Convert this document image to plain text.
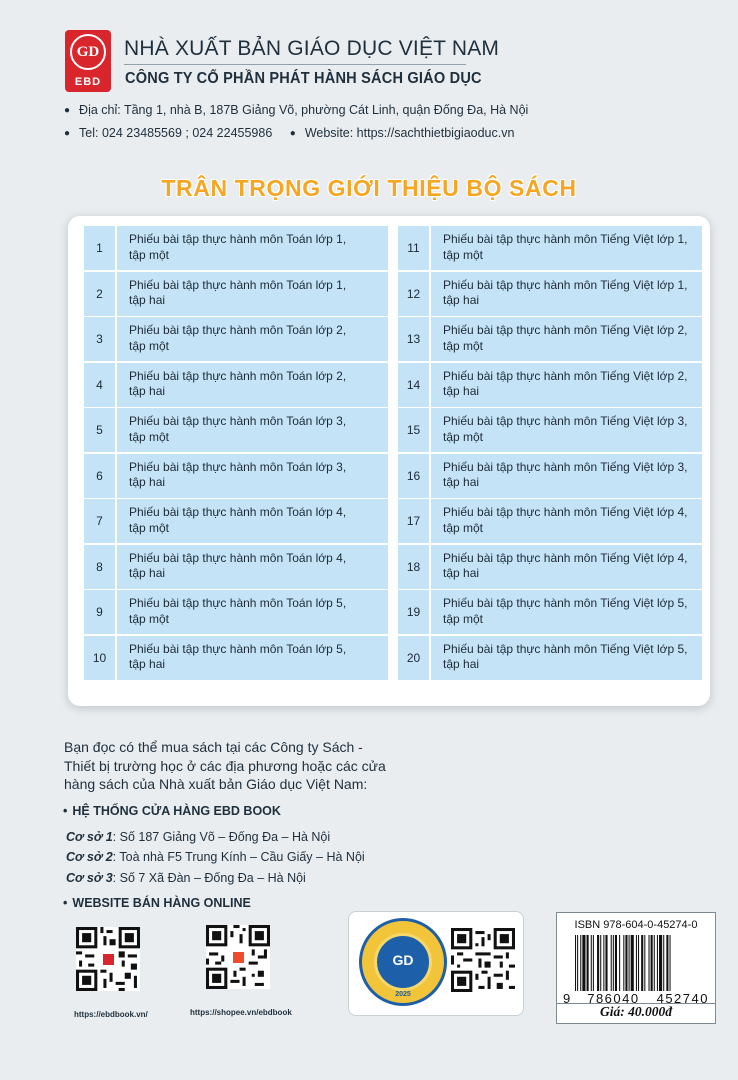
GD
EBD
NHÀ XUẤT BẢN GIÁO DỤC VIỆT NAM
CÔNG TY CỔ PHẦN PHÁT HÀNH SÁCH GIÁO DỤC
● Địa chỉ: Tầng 1, nhà B, 187B Giảng Võ, phường Cát Linh, quận Đống Đa, Hà Nội
● Tel: 024 23485569 ; 024 22455986 ● Website: https://sachthietbigiaoduc.vn
TRÂN TRỌNG GIỚI THIỆU BỘ SÁCH
1
Phiếu bài tập thực hành môn Toán lớp 1,
tập một
2
Phiếu bài tập thực hành môn Toán lớp 1,
tập hai
3
Phiếu bài tập thực hành môn Toán lớp 2,
tập một
4
Phiếu bài tập thực hành môn Toán lớp 2,
tập hai
5
Phiếu bài tập thực hành môn Toán lớp 3,
tập một
6
Phiếu bài tập thực hành môn Toán lớp 3,
tập hai
7
Phiếu bài tập thực hành môn Toán lớp 4,
tập một
8
Phiếu bài tập thực hành môn Toán lớp 4,
tập hai
9
Phiếu bài tập thực hành môn Toán lớp 5,
tập một
10
Phiếu bài tập thực hành môn Toán lớp 5,
tập hai
11
Phiếu bài tập thực hành môn Tiếng Việt lớp 1,
tập một
12
Phiếu bài tập thực hành môn Tiếng Việt lớp 1,
tập hai
13
Phiếu bài tập thực hành môn Tiếng Việt lớp 2,
tập một
14
Phiếu bài tập thực hành môn Tiếng Việt lớp 2,
tập hai
15
Phiếu bài tập thực hành môn Tiếng Việt lớp 3,
tập một
16
Phiếu bài tập thực hành môn Tiếng Việt lớp 3,
tập hai
17
Phiếu bài tập thực hành môn Tiếng Việt lớp 4,
tập một
18
Phiếu bài tập thực hành môn Tiếng Việt lớp 4,
tập hai
19
Phiếu bài tập thực hành môn Tiếng Việt lớp 5,
tập một
20
Phiếu bài tập thực hành môn Tiếng Việt lớp 5,
tập hai
Bạn đọc có thể mua sách tại các Công ty Sách - Thiết bị trường học ở các địa phương hoặc các cửa hàng sách của Nhà xuất bản Giáo dục Việt Nam:
• HỆ THỐNG CỬA HÀNG EBD BOOK
Cơ sở 1: Số 187 Giảng Võ – Đống Đa – Hà Nội
Cơ sở 2: Toà nhà F5 Trung Kính – Cầu Giấy – Hà Nội
Cơ sở 3: Số 7 Xã Đàn – Đống Đa – Hà Nội
• WEBSITE BÁN HÀNG ONLINE
https://ebdbook.vn/	https://shopee.vn/ebdbook
GD
2025
ISBN 978-604-0-45274-0
9 786040 452740
Giá: 40.000đ
